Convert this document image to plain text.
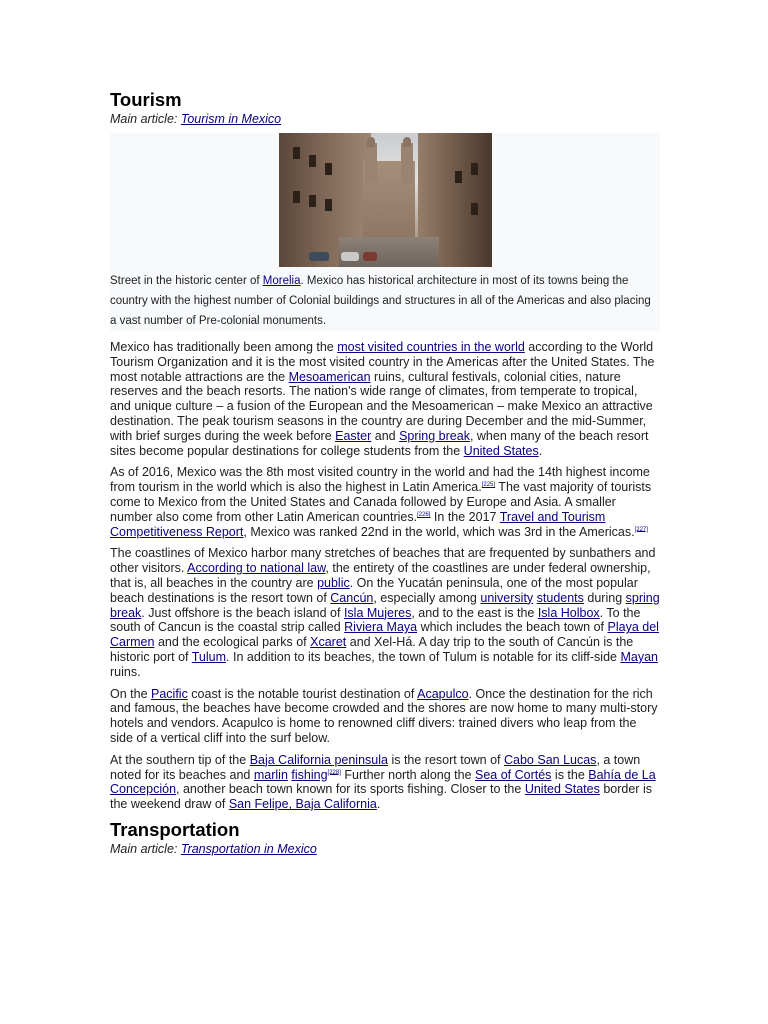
Tourism
Main article: Tourism in Mexico
Street in the historic center of Morelia. Mexico has historical architecture in most of its towns being the country with the highest number of Colonial buildings and structures in all of the Americas and also placing a vast number of Pre-colonial monuments.

Mexico has traditionally been among the most visited countries in the world according to the World Tourism Organization and it is the most visited country in the Americas after the United States. The most notable attractions are the Mesoamerican ruins, cultural festivals, colonial cities, nature reserves and the beach resorts. The nation's wide range of climates, from temperate to tropical, and unique culture – a fusion of the European and the Mesoamerican – make Mexico an attractive destination. The peak tourism seasons in the country are during December and the mid-Summer, with brief surges during the week before Easter and Spring break, when many of the beach resort sites become popular destinations for college students from the United States.

As of 2016, Mexico was the 8th most visited country in the world and had the 14th highest income from tourism in the world which is also the highest in Latin America.[225] The vast majority of tourists come to Mexico from the United States and Canada followed by Europe and Asia. A smaller number also come from other Latin American countries.[226] In the 2017 Travel and Tourism Competitiveness Report, Mexico was ranked 22nd in the world, which was 3rd in the Americas.[227]

The coastlines of Mexico harbor many stretches of beaches that are frequented by sunbathers and other visitors. According to national law, the entirety of the coastlines are under federal ownership, that is, all beaches in the country are public. On the Yucatán peninsula, one of the most popular beach destinations is the resort town of Cancún, especially among university students during spring break. Just offshore is the beach island of Isla Mujeres, and to the east is the Isla Holbox. To the south of Cancun is the coastal strip called Riviera Maya which includes the beach town of Playa del Carmen and the ecological parks of Xcaret and Xel-Há. A day trip to the south of Cancún is the historic port of Tulum. In addition to its beaches, the town of Tulum is notable for its cliff-side Mayan ruins.

On the Pacific coast is the notable tourist destination of Acapulco. Once the destination for the rich and famous, the beaches have become crowded and the shores are now home to many multi-story hotels and vendors. Acapulco is home to renowned cliff divers: trained divers who leap from the side of a vertical cliff into the surf below.

At the southern tip of the Baja California peninsula is the resort town of Cabo San Lucas, a town noted for its beaches and marlin fishing[228] Further north along the Sea of Cortés is the Bahía de La Concepción, another beach town known for its sports fishing. Closer to the United States border is the weekend draw of San Felipe, Baja California.

Transportation
Main article: Transportation in Mexico
